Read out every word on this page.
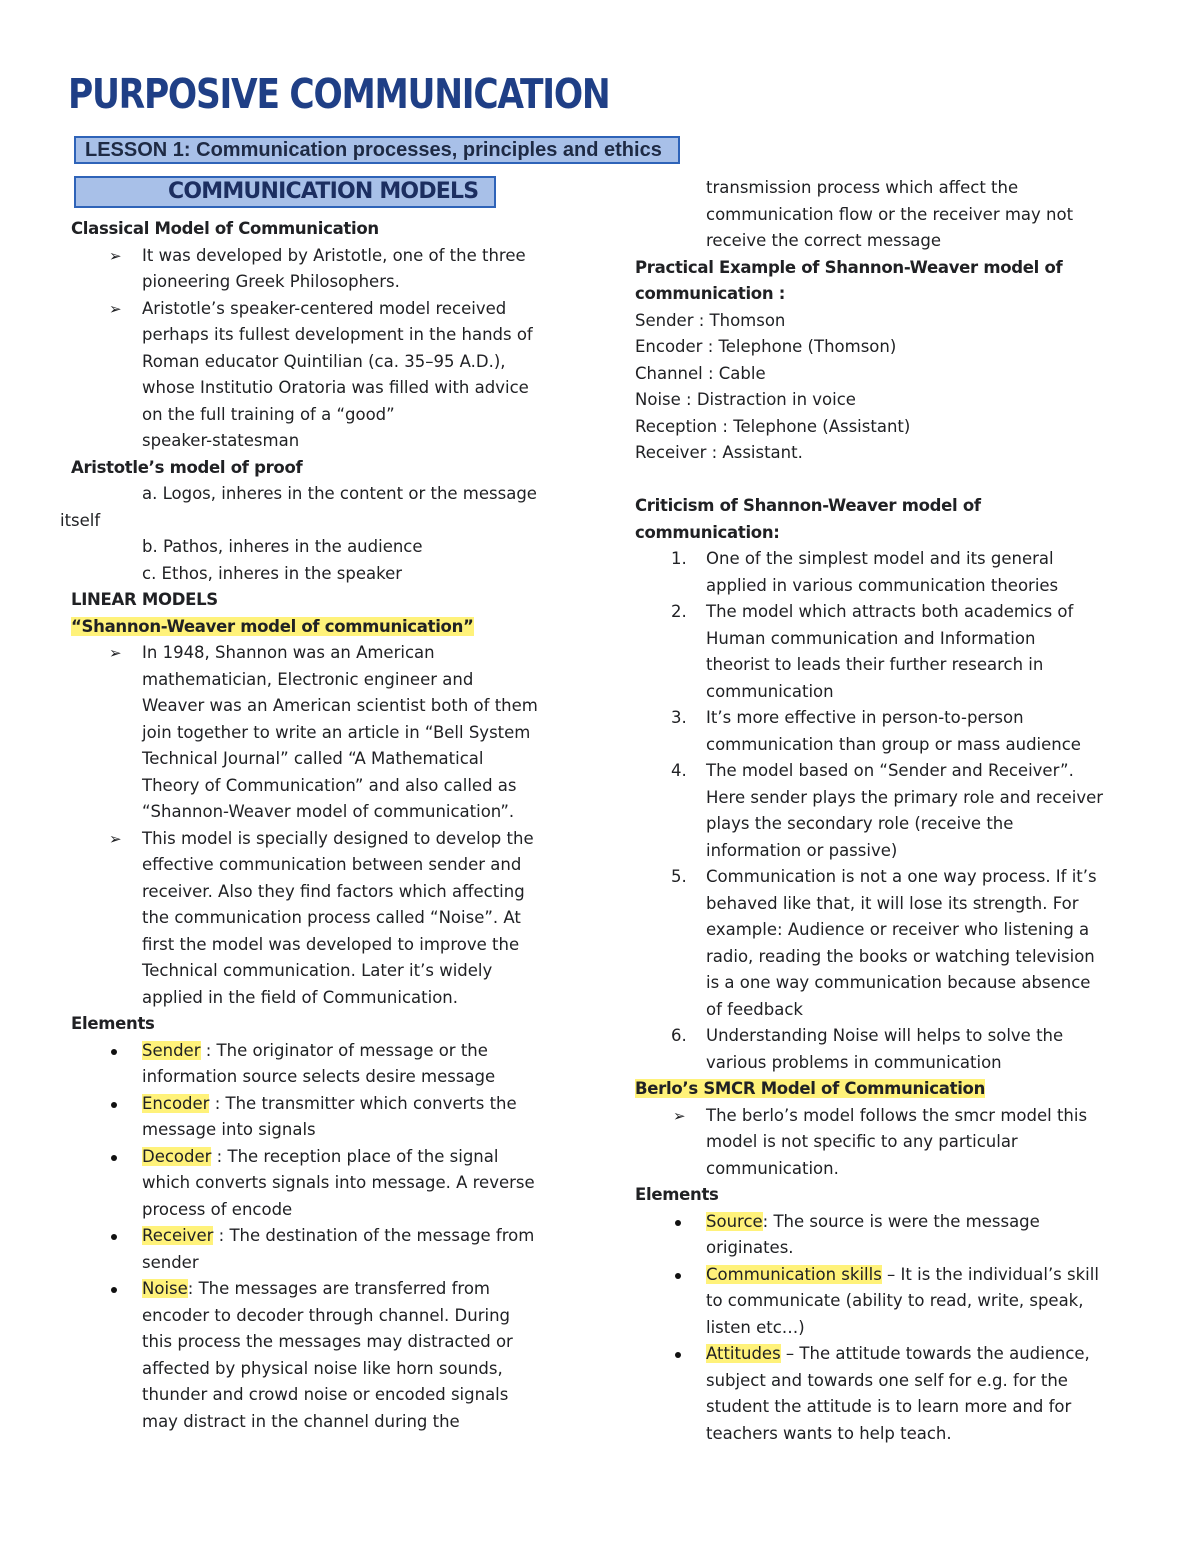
PURPOSIVE COMMUNICATION
LESSON 1: Communication processes, principles and ethics
COMMUNICATION MODELS
Classical Model of Communication
➢ It was developed by Aristotle, one of the three
pioneering Greek Philosophers.
➢ Aristotle’s speaker-centered model received
perhaps its fullest development in the hands of
Roman educator Quintilian (ca. 35–95 A.D.),
whose Institutio Oratoria was filled with advice
on the full training of a “good”
speaker-statesman
Aristotle’s model of proof
a. Logos, inheres in the content or the message
itself
b. Pathos, inheres in the audience
c. Ethos, inheres in the speaker
LINEAR MODELS
“Shannon-Weaver model of communication”
➢ In 1948, Shannon was an American
mathematician, Electronic engineer and
Weaver was an American scientist both of them
join together to write an article in “Bell System
Technical Journal” called “A Mathematical
Theory of Communication” and also called as
“Shannon-Weaver model of communication”.
➢ This model is specially designed to develop the
effective communication between sender and
receiver. Also they find factors which affecting
the communication process called “Noise”. At
first the model was developed to improve the
Technical communication. Later it’s widely
applied in the field of Communication.
Elements
Sender : The originator of message or the
information source selects desire message
Encoder : The transmitter which converts the
message into signals
Decoder : The reception place of the signal
which converts signals into message. A reverse
process of encode
Receiver : The destination of the message from
sender
Noise: The messages are transferred from
encoder to decoder through channel. During
this process the messages may distracted or
affected by physical noise like horn sounds,
thunder and crowd noise or encoded signals
may distract in the channel during the
transmission process which affect the
communication flow or the receiver may not
receive the correct message
Practical Example of Shannon-Weaver model of
communication :
Sender : Thomson
Encoder : Telephone (Thomson)
Channel : Cable
Noise : Distraction in voice
Reception : Telephone (Assistant)
Receiver : Assistant.
Criticism of Shannon-Weaver model of
communication:
1. One of the simplest model and its general
applied in various communication theories
2. The model which attracts both academics of
Human communication and Information
theorist to leads their further research in
communication
3. It’s more effective in person-to-person
communication than group or mass audience
4. The model based on “Sender and Receiver”.
Here sender plays the primary role and receiver
plays the secondary role (receive the
information or passive)
5. Communication is not a one way process. If it’s
behaved like that, it will lose its strength. For
example: Audience or receiver who listening a
radio, reading the books or watching television
is a one way communication because absence
of feedback
6. Understanding Noise will helps to solve the
various problems in communication
Berlo’s SMCR Model of Communication
➢ The berlo’s model follows the smcr model this
model is not specific to any particular
communication.
Elements
Source: The source is were the message
originates.
Communication skills – It is the individual’s skill
to communicate (ability to read, write, speak,
listen etc…)
Attitudes – The attitude towards the audience,
subject and towards one self for e.g. for the
student the attitude is to learn more and for
teachers wants to help teach.
